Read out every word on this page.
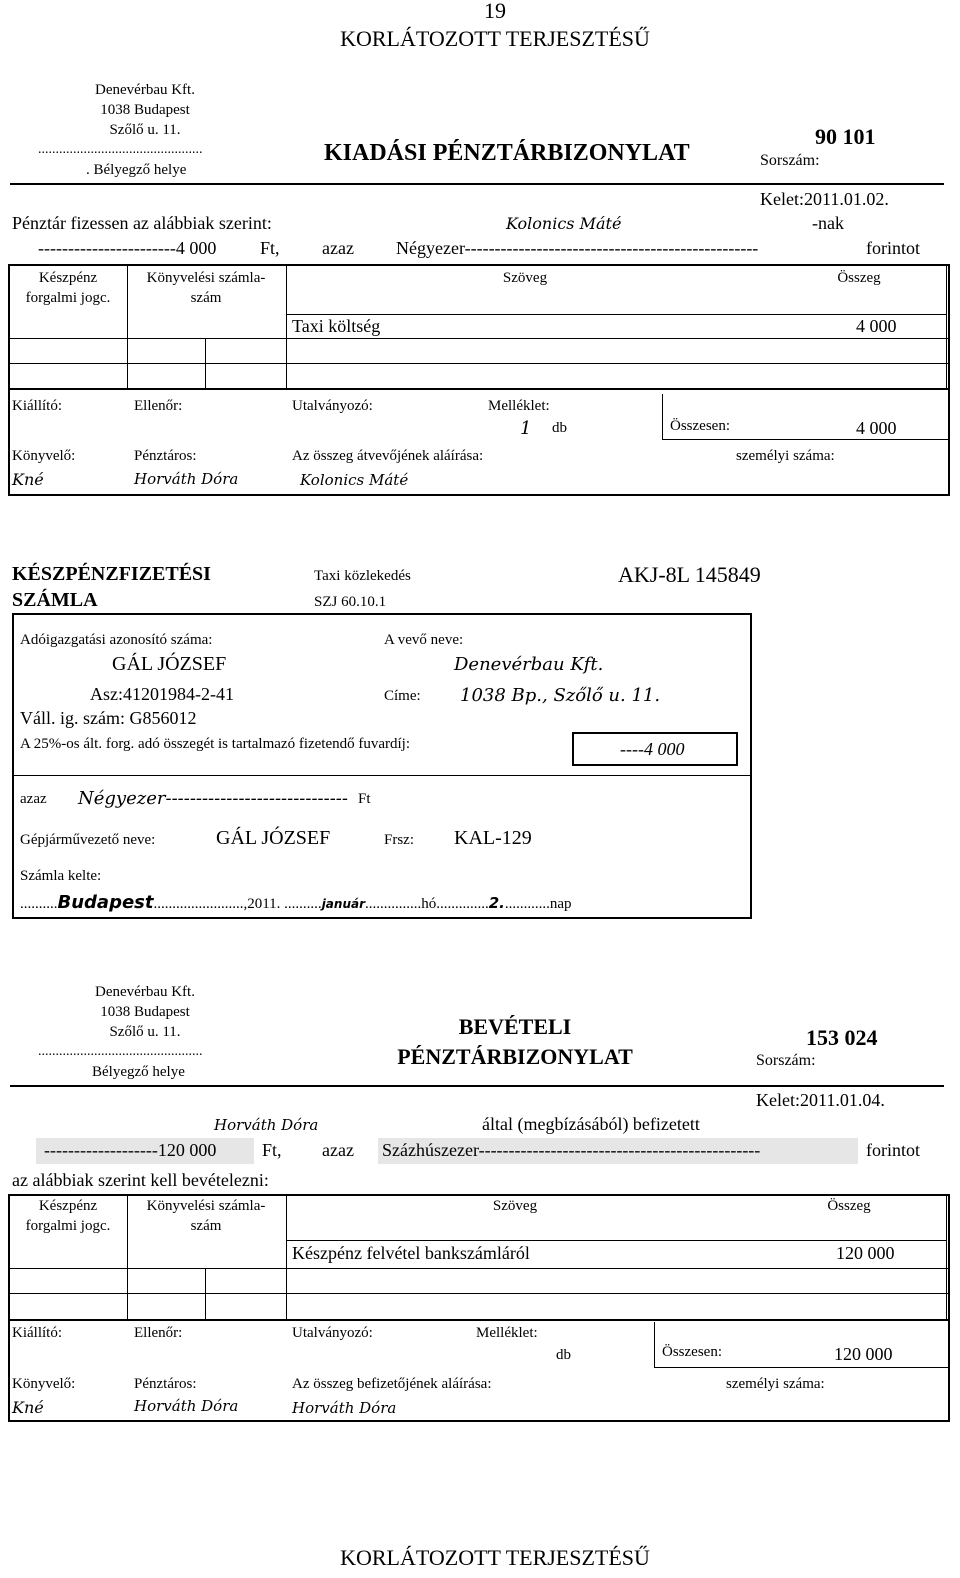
19
KORLÁTOZOTT TERJESZTÉSŰ
Denevérbau Kft.
1038 Budapest
Szőlő u. 11.
...............................................
. Bélyegző helye
KIADÁSI PÉNZTÁRBIZONYLAT
90 101
Sorszám:
Kelet:2011.01.02.
Pénztár fizessen az alábbiak szerint:	Kolonics Máté	-nak
-----------------------4 000 Ft, azaz Négyezer-------------------------------------------------	forintot
Készpénz
forgalmi jogc.
Könyvelési számla-
szám
Szöveg	Összeg
Taxi költség	4 000
Kiállító:	Ellenőr:	Utalványozó:	Melléklet:
1 db	Összesen:	4 000
Könyvelő:	Pénztáros:	Az összeg átvevőjének aláírása:	személyi száma:
Kné	Horváth Dóra	Kolonics Máté
KÉSZPÉNZFIZETÉSI
SZÁMLA
Taxi közlekedés
SZJ 60.10.1
AKJ-8L 145849
Adóigazgatási azonosító száma:
GÁL JÓZSEF
Asz:41201984-2-41
Váll. ig. szám: G856012
A vevő neve:
Denevérbau Kft.
Címe: 1038 Bp., Szőlő u. 11.
A 25%-os ált. forg. adó összegét is tartalmazó fizetendő fuvardíj:	----4 000
azaz Négyezer------------------------------ Ft
Gépjárművezető neve:	GÁL JÓZSEF	Frsz: KAL-129
Számla kelte:
..........Budapest........................,2011. ..........január...............hó..............2.............nap
Denevérbau Kft.
1038 Budapest
Szőlő u. 11.
...............................................
Bélyegző helye
BEVÉTELI
PÉNZTÁRBIZONYLAT
153 024
Sorszám:
Kelet:2011.01.04.
Horváth Dóra	által (megbízásából) befizetett
-------------------120 000	Ft, azaz Százhúszezer-----------------------------------------------	forintot
az alábbiak szerint kell bevételezni:
Készpénz
forgalmi jogc.
Könyvelési számla-
szám
Szöveg	Összeg
Készpénz felvétel bankszámláról	120 000
Kiállító:	Ellenőr:	Utalványozó:	Melléklet:
db	Összesen:	120 000
Könyvelő:	Pénztáros:	Az összeg befizetőjének aláírása:	személyi száma:
Kné	Horváth Dóra	Horváth Dóra
KORLÁTOZOTT TERJESZTÉSŰ
